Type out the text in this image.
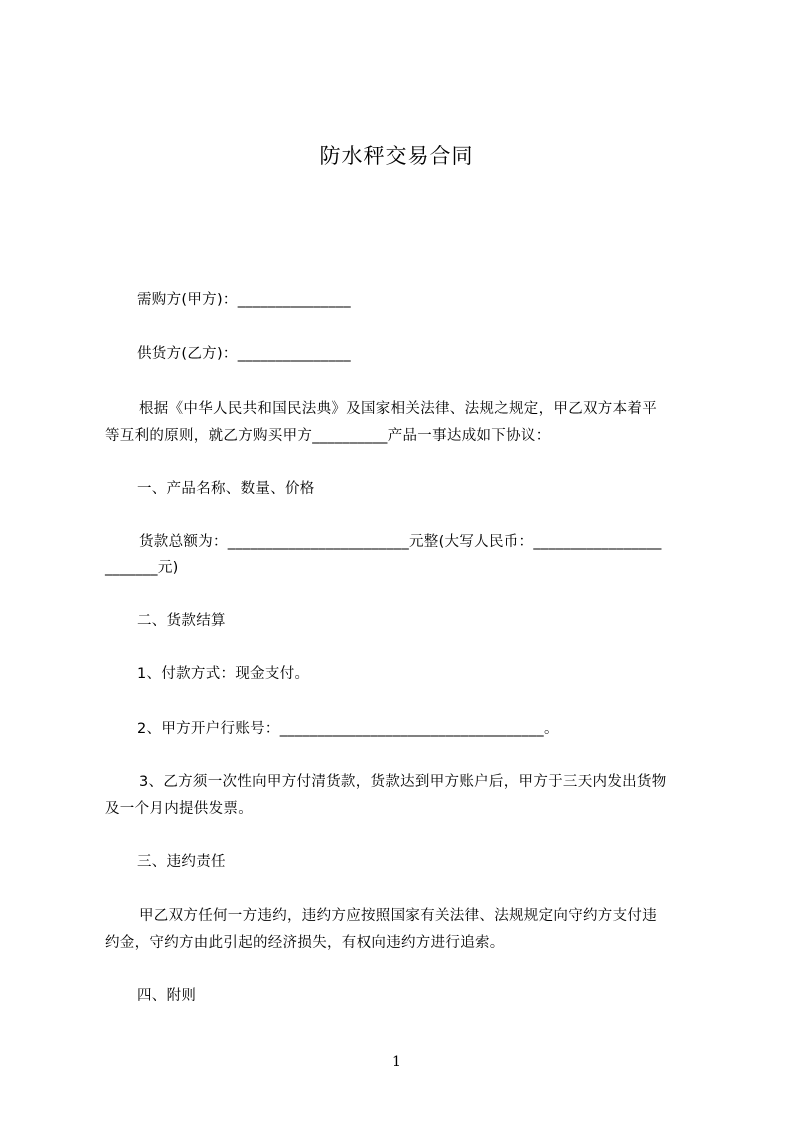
防水秤交易合同
需购方(甲方)：_______________
供货方(乙方)：_______________
根据《中华人民共和国民法典》及国家相关法律、法规之规定，甲乙双方本着平
等互利的原则，就乙方购买甲方__________产品一事达成如下协议：
一、产品名称、数量、价格
货款总额为：________________________元整(大写人民币：_________________
_______元)
二、货款结算
1、付款方式：现金支付。
2、甲方开户行账号：___________________________________。
3、乙方须一次性向甲方付清货款，货款达到甲方账户后，甲方于三天内发出货物
及一个月内提供发票。
三、违约责任
甲乙双方任何一方违约，违约方应按照国家有关法律、法规规定向守约方支付违
约金，守约方由此引起的经济损失，有权向违约方进行追索。
四、附则
1
